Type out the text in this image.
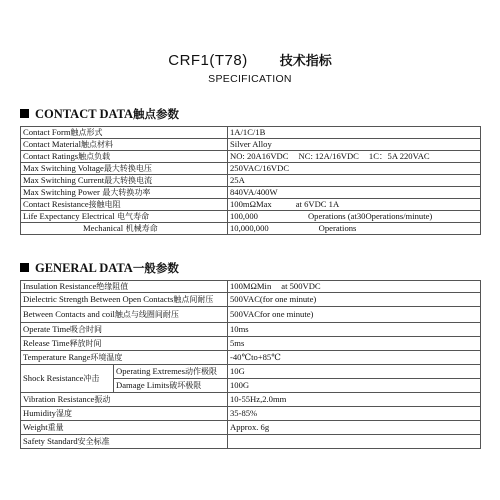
CRF1(T78) 技术指标
SPECIFICATION
CONTACT DATA触点参数
Contact Form触点形式	1A/1C/1B
Contact Material触点材料	Silver Alloy
Contact Ratings触点负载	NO: 20A16VDC NC: 12A/16VDC 1C：5A 220VAC
Max Switching Voltage最大转换电压	250VAC/16VDC
Max Switching Current最大转换电流	25A
Max Switching Power 最大转换功率	840VA/400W
Contact Resistance接触电阻	100mΩMax at 6VDC 1A
Life Expectancy Electrical 电气寿命	100,000 Operations (at30Operations/minute)
Mechanical 机械寿命	10,000,000 Operations
GENERAL DATA一般参数
Insulation Resistance绝缘阻值		100MΩMin at 500VDC
Dielectric Strength Between Open Contacts触点间耐压		500VAC(for one minute)
Between Contacts and coil触点与线圈间耐压		500VACfor one minute)
Operate Time吸合时间		10ms
Release Time释放时间		5ms
Temperature Range环境温度		-40℃to+85℃
Shock Resistance冲击	Operating Extremes动作极限	10G
	Damage Limits破坏极限	100G
Vibration Resistance振动		10-55Hz,2.0mm
Humidity湿度		35-85%
Weight重量		Approx. 6g
Safety Standard安全标准		
